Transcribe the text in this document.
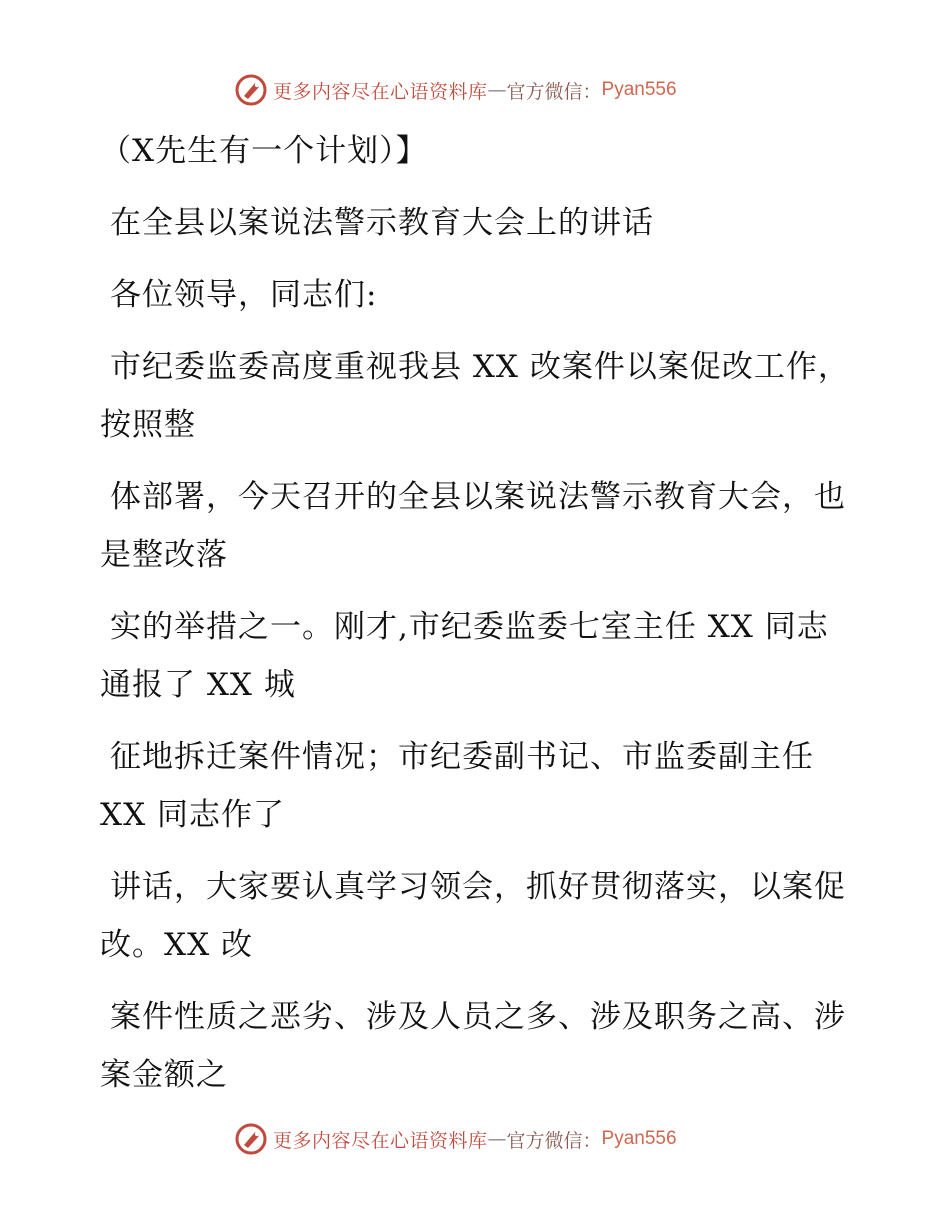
更多内容尽在心语资料库 — 官方微信： Pyan556

（X先生有一个计划）】

在全县以案说法警示教育大会上的讲话

各位领导，同志们:

市纪委监委高度重视我县 XX 改案件以案促改工作，按照整

体部署，今天召开的全县以案说法警示教育大会，也是整改落

实的举措之一。刚才,市纪委监委七室主任 XX 同志通报了 XX 城

征地拆迁案件情况；市纪委副书记、市监委副主任 XX 同志作了

讲话，大家要认真学习领会，抓好贯彻落实，以案促改。XX 改

案件性质之恶劣、涉及人员之多、涉及职务之高、涉案金额之

更多内容尽在心语资料库 — 官方微信： Pyan556
